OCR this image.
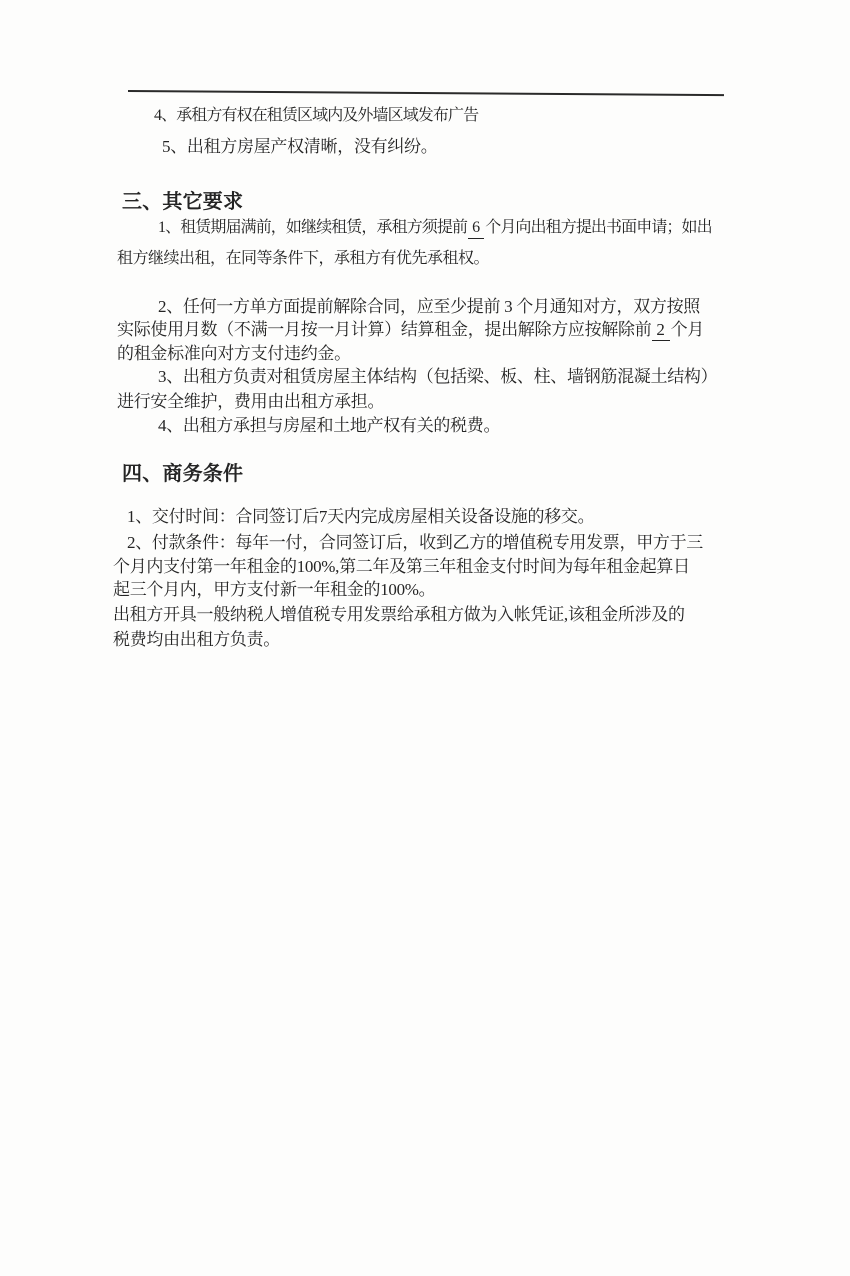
4、承租方有权在租赁区域内及外墙区域发布广告
5、出租方房屋产权清晰，没有纠纷。
三、其它要求
1、租赁期届满前，如继续租赁，承租方须提前 6 个月向出租方提出书面申请；如出
租方继续出租，在同等条件下，承租方有优先承租权。
2、任何一方单方面提前解除合同，应至少提前 3 个月通知对方，双方按照
实际使用月数（不满一月按一月计算）结算租金，提出解除方应按解除前 2 个月
的租金标准向对方支付违约金。
3、出租方负责对租赁房屋主体结构（包括梁、板、柱、墙钢筋混凝土结构）
进行安全维护，费用由出租方承担。
4、出租方承担与房屋和土地产权有关的税费。
四、商务条件
1、交付时间：合同签订后7天内完成房屋相关设备设施的移交。
2、付款条件：每年一付，合同签订后，收到乙方的增值税专用发票，甲方于三
个月内支付第一年租金的100%,第二年及第三年租金支付时间为每年租金起算日
起三个月内，甲方支付新一年租金的100%。
出租方开具一般纳税人增值税专用发票给承租方做为入帐凭证,该租金所涉及的
税费均由出租方负责。
